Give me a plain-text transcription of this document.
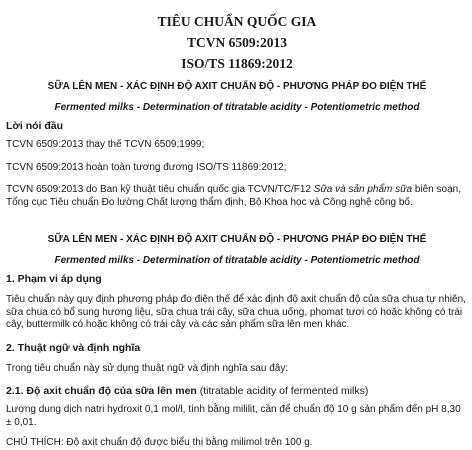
TIÊU CHUẨN QUỐC GIA
TCVN 6509:2013
ISO/TS 11869:2012
SỮA LÊN MEN - XÁC ĐỊNH ĐỘ AXIT CHUẨN ĐỘ - PHƯƠNG PHÁP ĐO ĐIỆN THẾ
Fermented milks - Determination of titratable acidity - Potentiometric method
Lời nói đầu

TCVN 6509:2013 thay thế TCVN 6509:1999;

TCVN 6509:2013 hoàn toàn tương đương ISO/TS 11869:2012;

TCVN 6509:2013 do Ban kỹ thuật tiêu chuẩn quốc gia TCVN/TC/F12 Sữa và sản phẩm sữa biên soạn, Tổng cục Tiêu chuẩn Đo lường Chất lượng thẩm định, Bộ Khoa học và Công nghệ công bố.

SỮA LÊN MEN - XÁC ĐỊNH ĐỘ AXIT CHUẨN ĐỘ - PHƯƠNG PHÁP ĐO ĐIỆN THẾ
Fermented milks - Determination of titratable acidity - Potentiometric method
1. Phạm vi áp dụng

Tiêu chuẩn này quy định phương pháp đo điện thế để xác định độ axit chuẩn độ của sữa chua tự nhiên, sữa chua có bổ sung hương liệu, sữa chua trái cây, sữa chua uống, phomat tươi có hoặc không có trái cây, buttermilk có hoặc không có trái cây và các sản phẩm sữa lên men khác.

2. Thuật ngữ và định nghĩa

Trong tiêu chuẩn này sử dụng thuật ngữ và định nghĩa sau đây:

2.1. Độ axit chuẩn độ của sữa lên men (titratable acidity of fermented milks)

Lượng dung dịch natri hydroxit 0,1 mol/l, tính bằng mililit, cần để chuẩn độ 10 g sản phẩm đến pH 8,30 ± 0,01.

CHÚ THÍCH: Độ axit chuẩn độ được biểu thị bằng milimol trên 100 g.
